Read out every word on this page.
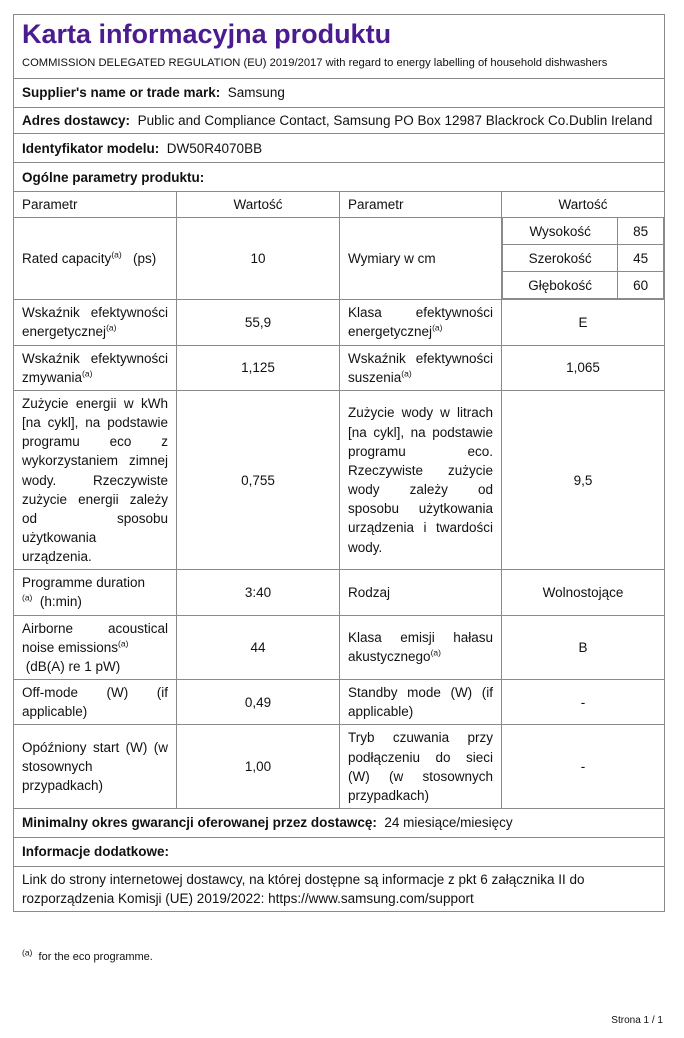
Karta informacyjna produktu

COMMISSION DELEGATED REGULATION (EU) 2019/2017 with regard to energy labelling of household dishwashers
Supplier's name or trade mark: Samsung
Adres dostawcy: Public and Compliance Contact, Samsung PO Box 12987 Blackrock Co.Dublin Ireland
Identyfikator modelu: DW50R4070BB
Ogólne parametry produktu:
Parametr	Wartość	Parametr	Wartość
Rated capacity$^{(a)}$ (ps)	10	Wymiary w cm	
Wysokość	85
Szerokość	45
Głębokość	60

Wskaźnik efektywności energetycznej$^{(a)}$	55,9	Klasa efektywności energetycznej$^{(a)}$	E
Wskaźnik efektywności zmywania$^{(a)}$	1,125	Wskaźnik efektywności suszenia$^{(a)}$	1,065
Zużycie energii w kWh [na cykl], na podstawie programu eco z wykorzystaniem zimnej wody. Rzeczywiste zużycie energii zależy od sposobu użytkowania urządzenia.	0,755	Zużycie wody w litrach [na cykl], na podstawie programu eco. Rzeczywiste zużycie wody zależy od sposobu użytkowania urządzenia i twardości wody.	9,5
Programme duration
$^{(a)}$ (h:min)	3:40	Rodzaj	Wolnostojące
Airborne acoustical noise emissions$^{(a)}$
(dB(A) re 1 pW)	44	Klasa emisji hałasu akustycznego$^{(a)}$	B
Off-mode (W) (if applicable)	0,49	Standby mode (W) (if applicable)	-
Opóźniony start (W) (w stosownych przypadkach)	1,00	Tryb czuwania przy podłączeniu do sieci (W) (w stosownych przypadkach)	-
Minimalny okres gwarancji oferowanej przez dostawcę: 24 miesiące/miesięcy
Informacje dodatkowe:
Link do strony internetowej dostawcy, na której dostępne są informacje z pkt 6 załącznika II do rozporządzenia Komisji (UE) 2019/2022: https://www.samsung.com/support
$^{(a)}$ for the eco programme.
Strona 1 / 1
